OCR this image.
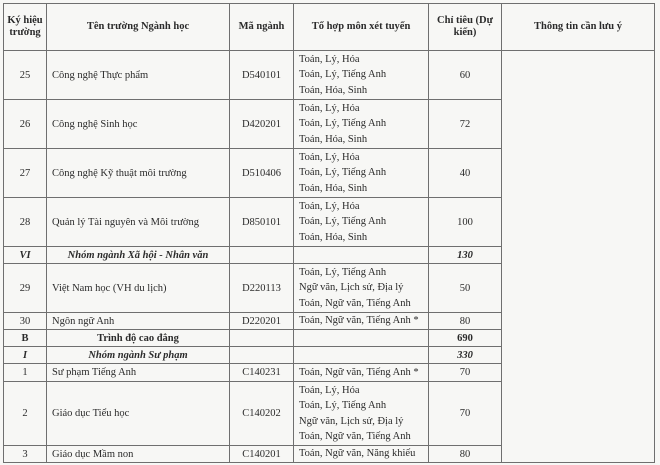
Ký hiệu trường	Tên trường Ngành học	Mã ngành	Tổ hợp môn xét tuyển	Chỉ tiêu (Dự kiến)	Thông tin cần lưu ý
25	Công nghệ Thực phẩm	D540101	Toán, Lý, Hóa
Toán, Lý, Tiếng Anh
Toán, Hóa, Sinh	60	
26	Công nghệ Sinh học	D420201	Toán, Lý, Hóa
Toán, Lý, Tiếng Anh
Toán, Hóa, Sinh	72	
27	Công nghệ Kỹ thuật môi trường	D510406	Toán, Lý, Hóa
Toán, Lý, Tiếng Anh
Toán, Hóa, Sinh	40	
28	Quản lý Tài nguyên và Môi trường	D850101	Toán, Lý, Hóa
Toán, Lý, Tiếng Anh
Toán, Hóa, Sinh	100	
VI	Nhóm ngành Xã hội - Nhân văn			130	
29	Việt Nam học (VH du lịch)	D220113	Toán, Lý, Tiếng Anh
Ngữ văn, Lịch sử, Địa lý
Toán, Ngữ văn, Tiếng Anh	50	
30	Ngôn ngữ Anh	D220201	Toán, Ngữ văn, Tiếng Anh *	80	
B	Trình độ cao đẳng			690	
I	Nhóm ngành Sư phạm			330	
1	Sư phạm Tiếng Anh	C140231	Toán, Ngữ văn, Tiếng Anh *	70	
2	Giáo dục Tiểu học	C140202	Toán, Lý, Hóa
Toán, Lý, Tiếng Anh
Ngữ văn, Lịch sử, Địa lý
Toán, Ngữ văn, Tiếng Anh	70	
3	Giáo dục Mầm non	C140201	Toán, Ngữ văn, Năng khiếu	80	
